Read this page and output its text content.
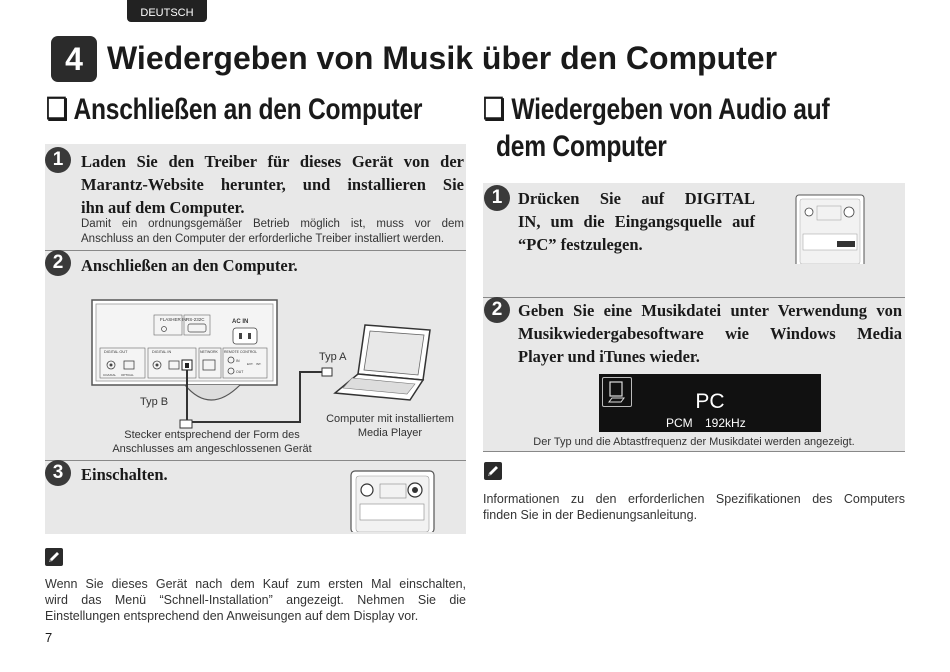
DEUTSCH
4 Wiedergeben von Musik über den Computer
❏ Anschließen an den Computer
1	Laden Sie den Treiber für dieses Gerät von der
Marantz-Website herunter, und installieren Sie
ihn auf dem Computer.
Damit ein ordnungsgemäßer Betrieb möglich ist, muss vor dem
Anschluss an den Computer der erforderliche Treiber installiert werden.
2	Anschließen an den Computer.
FLASHER IN RS-232C	AC IN
DIGITAL OUT
COAXIAL OPTICAL
DIGITAL IN	NETWORK REMOTE CONTROL
IN
OUT
EXT. INT.
Typ A
Typ B
Stecker entsprechend der Form des
Anschlusses am angeschlossenen Gerät
Computer mit installiertem
Media Player
3	Einschalten.
Wenn Sie dieses Gerät nach dem Kauf zum ersten Mal einschalten,
wird das Menü “Schnell-Installation” angezeigt. Nehmen Sie die
Einstellungen entsprechend den Anweisungen auf dem Display vor.
7
❏ Wiedergeben von Audio auf
dem Computer
1 Drücken Sie auf DIGITAL
IN, um die Eingangsquelle auf
“PC” festzulegen.
2 Geben Sie eine Musikdatei unter Verwendung von
Musikwiedergabesoftware wie Windows Media
Player und iTunes wieder.
PC
PCM 192kHz
Der Typ und die Abtastfrequenz der Musikdatei werden angezeigt.
Informationen zu den erforderlichen Spezifikationen des Computers
finden Sie in der Bedienungsanleitung.
